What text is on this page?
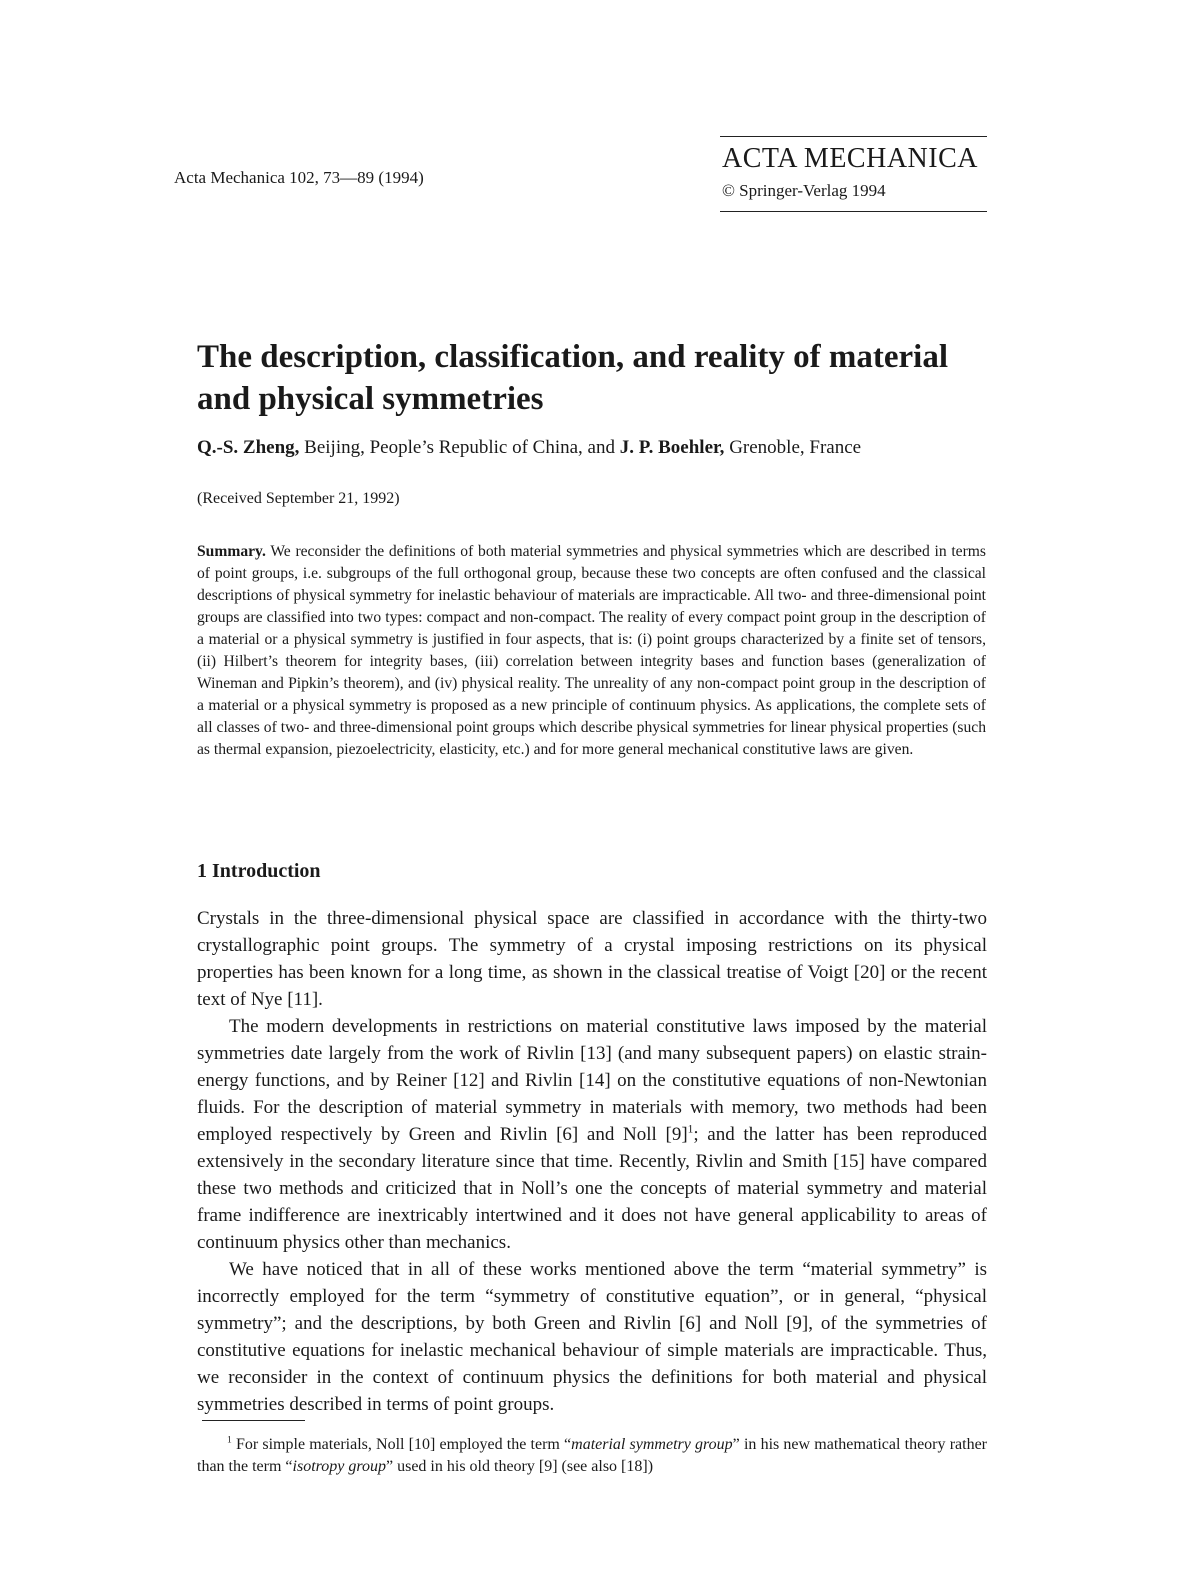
Acta Mechanica 102, 73—89 (1994)
ACTA MECHANICA
© Springer-Verlag 1994
The description, classification, and reality of material and physical symmetries
Q.-S. Zheng, Beijing, People’s Republic of China, and J. P. Boehler, Grenoble, France
(Received September 21, 1992)
Summary. We reconsider the definitions of both material symmetries and physical symmetries which are described in terms of point groups, i.e. subgroups of the full orthogonal group, because these two concepts are often confused and the classical descriptions of physical symmetry for inelastic behaviour of materials are impracticable. All two- and three-dimensional point groups are classified into two types: compact and non-compact. The reality of every compact point group in the description of a material or a physical symmetry is justified in four aspects, that is: (i) point groups characterized by a finite set of tensors, (ii) Hilbert’s theorem for integrity bases, (iii) correlation between integrity bases and function bases (generalization of Wineman and Pipkin’s theorem), and (iv) physical reality. The unreality of any non-compact point group in the description of a material or a physical symmetry is proposed as a new principle of continuum physics. As applications, the complete sets of all classes of two- and three-dimensional point groups which describe physical symmetries for linear physical properties (such as thermal expansion, piezoelectricity, elasticity, etc.) and for more general mechanical constitutive laws are given.
1 Introduction

Crystals in the three-dimensional physical space are classified in accordance with the thirty-two crystallographic point groups. The symmetry of a crystal imposing restrictions on its physical properties has been known for a long time, as shown in the classical treatise of Voigt [20] or the recent text of Nye [11].

The modern developments in restrictions on material constitutive laws imposed by the material symmetries date largely from the work of Rivlin [13] (and many subsequent papers) on elastic strain-energy functions, and by Reiner [12] and Rivlin [14] on the constitutive equations of non-Newtonian fluids. For the description of material symmetry in materials with memory, two methods had been employed respectively by Green and Rivlin [6] and Noll $[9]^1$; and the latter has been reproduced extensively in the secondary literature since that time. Recently, Rivlin and Smith [15] have compared these two methods and criticized that in Noll’s one the concepts of material symmetry and material frame indifference are inextricably intertwined and it does not have general applicability to areas of continuum physics other than mechanics.

We have noticed that in all of these works mentioned above the term “material symmetry” is incorrectly employed for the term “symmetry of constitutive equation”, or in general, “physical symmetry”; and the descriptions, by both Green and Rivlin [6] and Noll [9], of the symmetries of constitutive equations for inelastic mechanical behaviour of simple materials are impracticable. Thus, we reconsider in the context of continuum physics the definitions for both material and physical symmetries described in terms of point groups.

$^1$ For simple materials, Noll [10] employed the term “material symmetry group” in his new mathematical theory rather than the term “isotropy group” used in his old theory [9] (see also [18])
